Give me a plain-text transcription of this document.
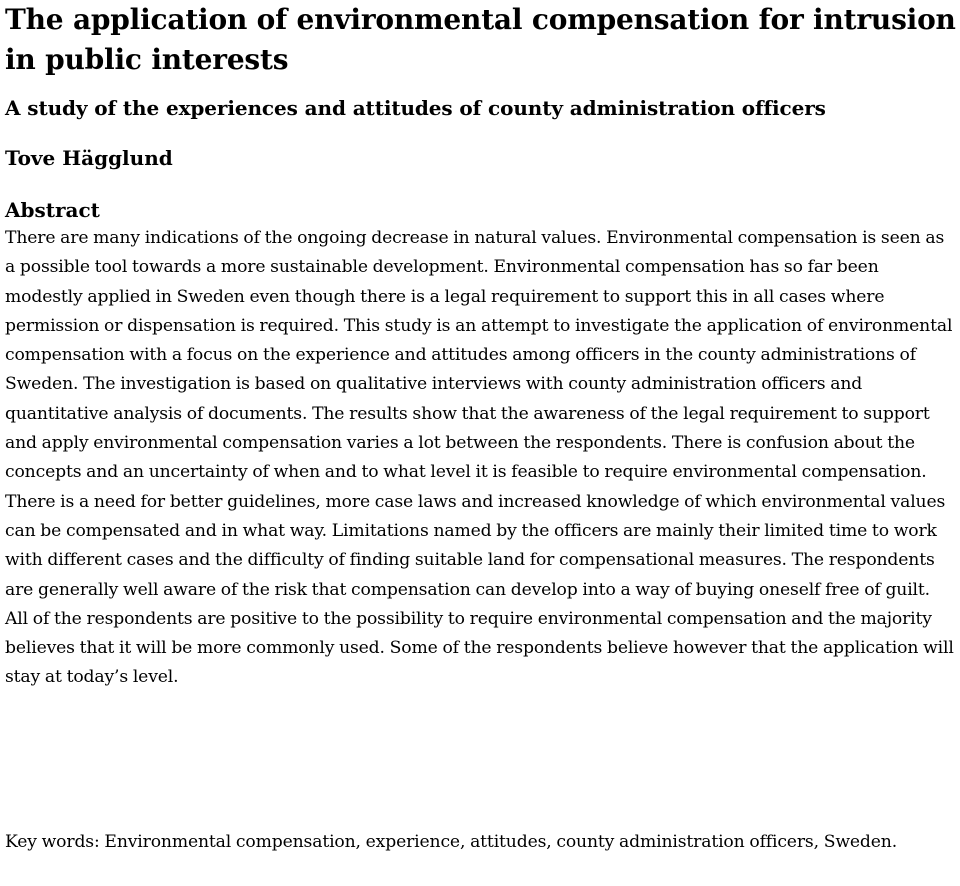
The application of environmental compensation for intrusion in public interests
A study of the experiences and attitudes of county administration officers
Tove Hägglund
Abstract

There are many indications of the ongoing decrease in natural values. Environmental compensation is seen as a possible tool towards a more sustainable development. Environmental compensation has so far been modestly applied in Sweden even though there is a legal requirement to support this in all cases where permission or dispensation is required. This study is an attempt to investigate the application of environmental compensation with a focus on the experience and attitudes among officers in the county administrations of Sweden. The investigation is based on qualitative interviews with county administration officers and quantitative analysis of documents. The results show that the awareness of the legal requirement to support and apply environmental compensation varies a lot between the respondents. There is confusion about the concepts and an uncertainty of when and to what level it is feasible to require environmental compensation. There is a need for better guidelines, more case laws and increased knowledge of which environmental values can be compensated and in what way. Limitations named by the officers are mainly their limited time to work with different cases and the difficulty of finding suitable land for compensational measures. The respondents are generally well aware of the risk that compensation can develop into a way of buying oneself free of guilt. All of the respondents are positive to the possibility to require environmental compensation and the majority believes that it will be more commonly used. Some of the respondents believe however that the application will stay at today’s level.

Key words: Environmental compensation, experience, attitudes, county administration officers, Sweden.
